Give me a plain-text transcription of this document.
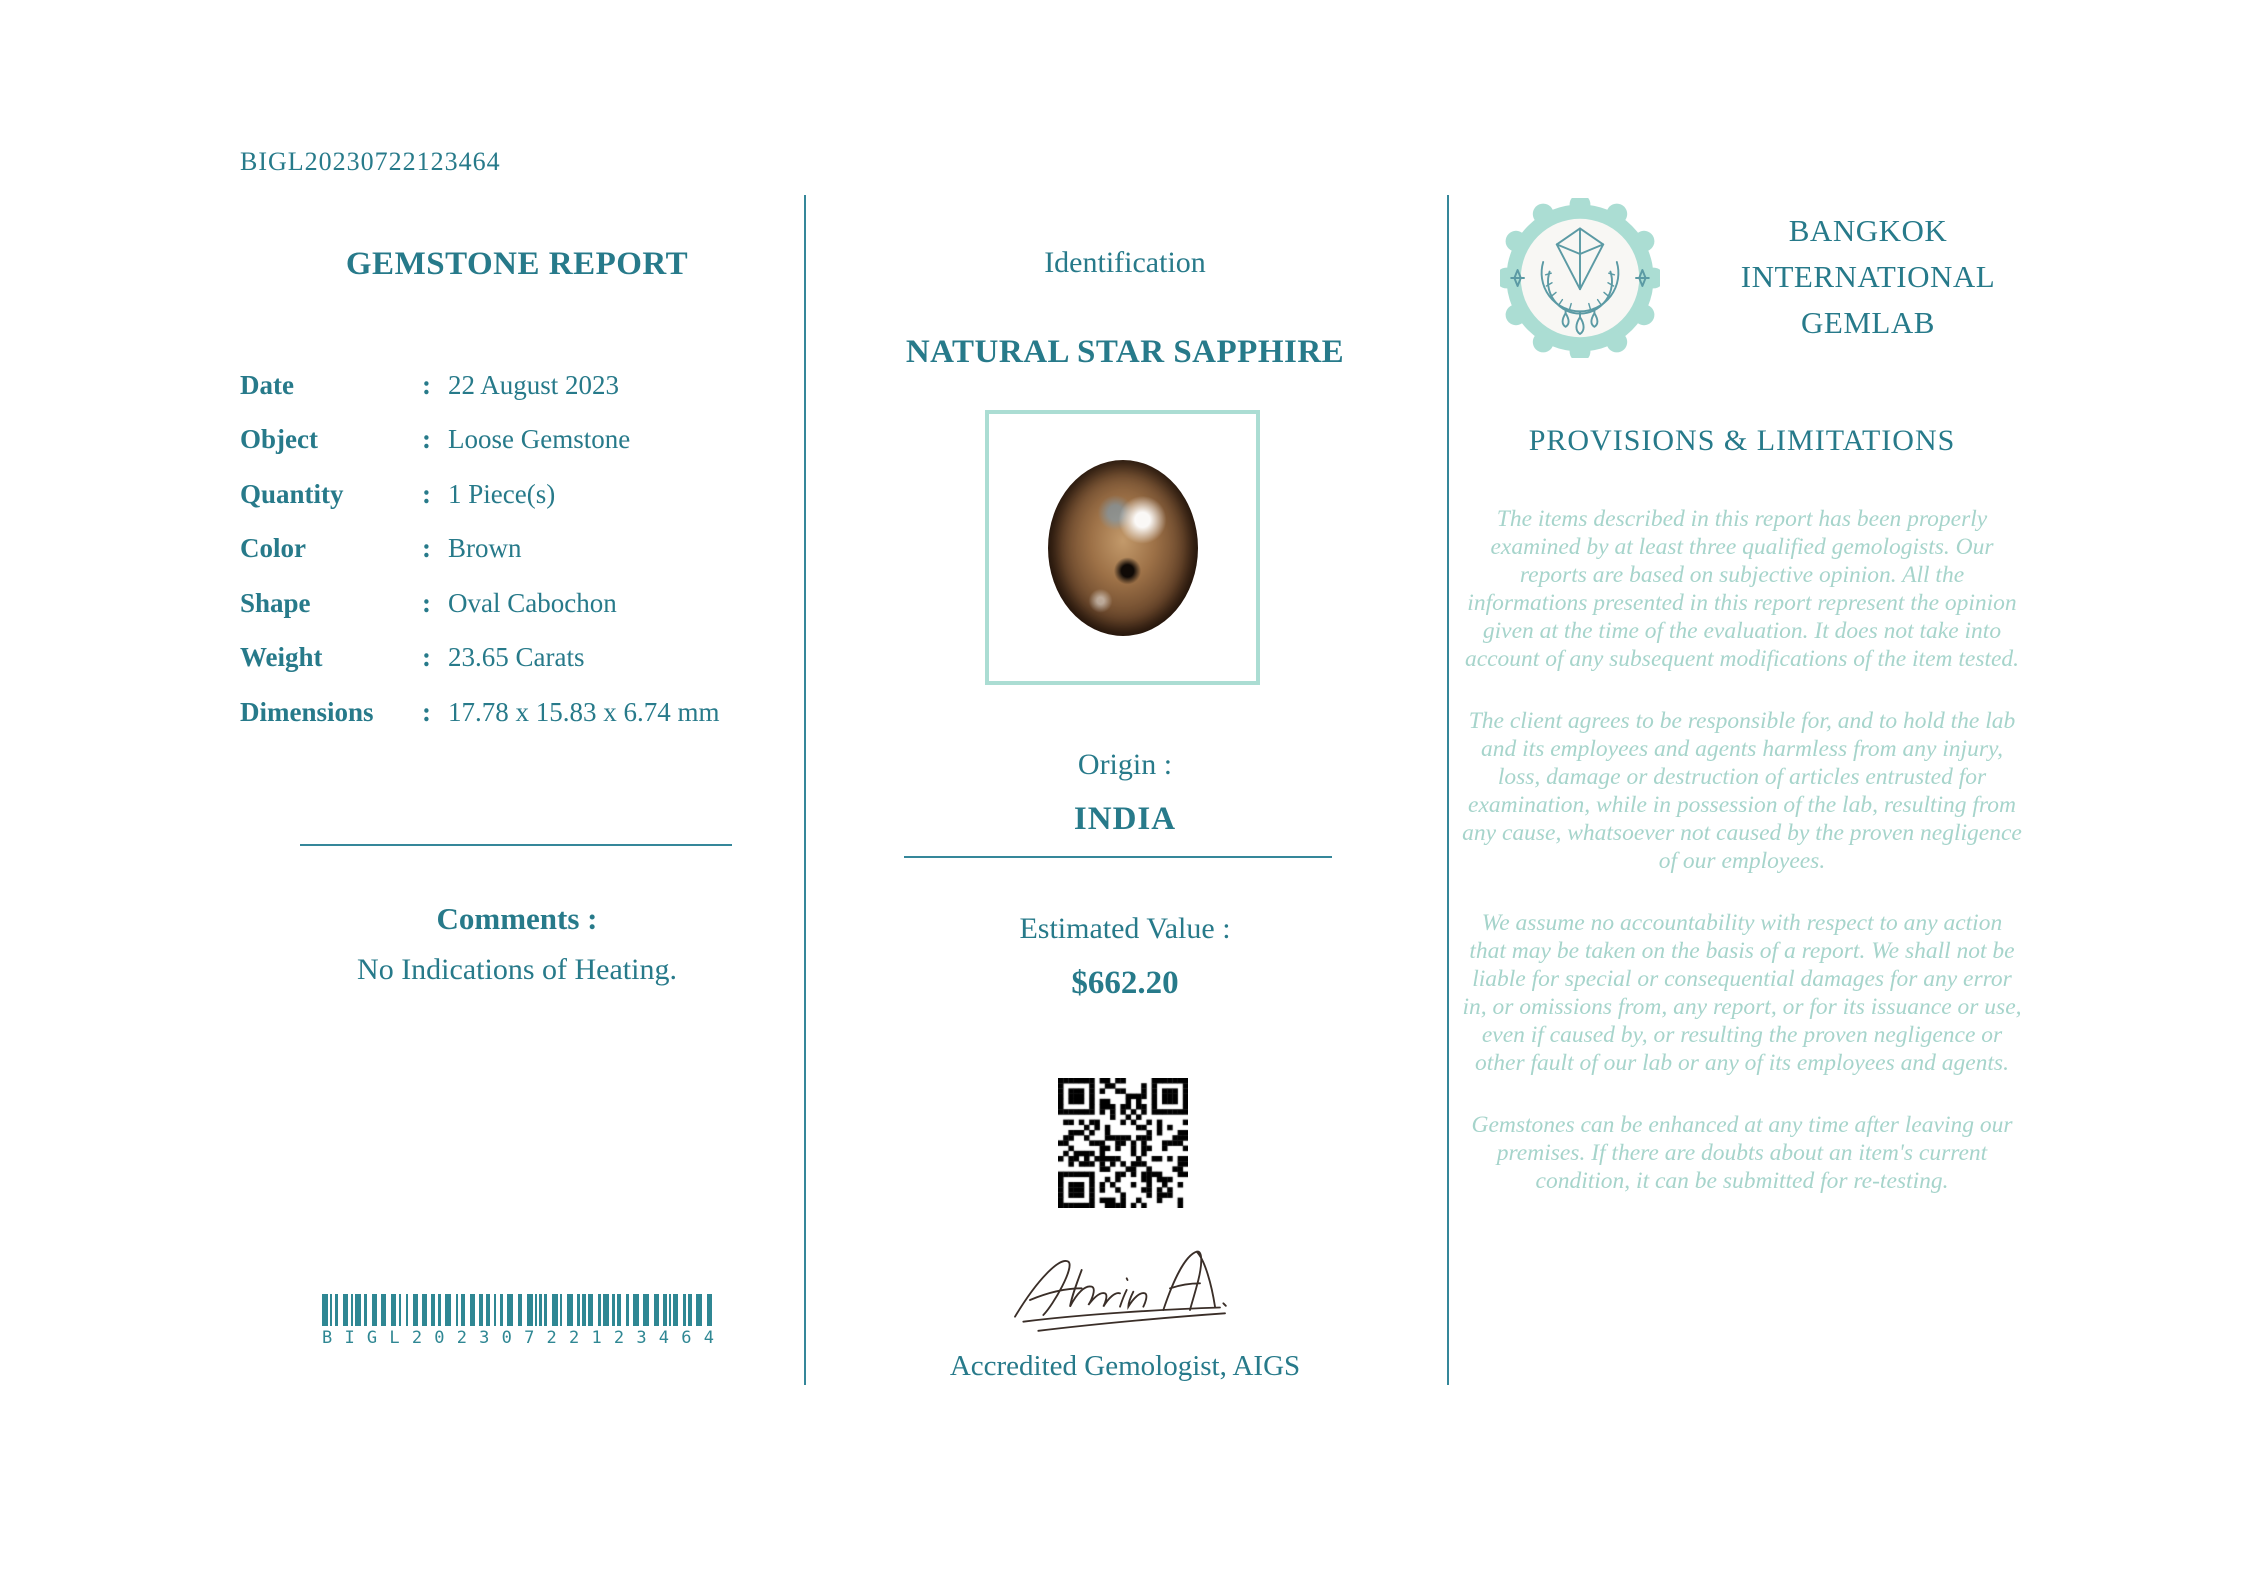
BIGL20230722123464
GEMSTONE REPORT
Date	: 22 August 2023
Object	: Loose Gemstone
Quantity	: 1 Piece(s)
Color	: Brown
Shape	: Oval Cabochon
Weight	: 23.65 Carats
Dimensions	: 17.78 x 15.83 x 6.74 mm
Comments :
No Indications of Heating.
B I G L 2 0 2 3 0 7 2 2 1 2 3 4 6 4
Identification
NATURAL STAR SAPPHIRE
Origin :
INDIA
Estimated Value :
$662.20
Accredited Gemologist, AIGS
BANGKOK
INTERNATIONAL
GEMLAB
PROVISIONS & LIMITATIONS

The items described in this report has been properly examined by at least three qualified gemologists. Our reports are based on subjective opinion. All the informations presented in this report represent the opinion given at the time of the evaluation. It does not take into account of any subsequent modifications of the item tested.

The client agrees to be responsible for, and to hold the lab and its employees and agents harmless from any injury, loss, damage or destruction of articles entrusted for examination, while in possession of the lab, resulting from any cause, whatsoever not caused by the proven negligence of our employees.

We assume no accountability with respect to any action that may be taken on the basis of a report. We shall not be liable for special or consequential damages for any error in, or omissions from, any report, or for its issuance or use, even if caused by, or resulting the proven negligence or other fault of our lab or any of its employees and agents.

Gemstones can be enhanced at any time after leaving our premises. If there are doubts about an item's current condition, it can be submitted for re-testing.
